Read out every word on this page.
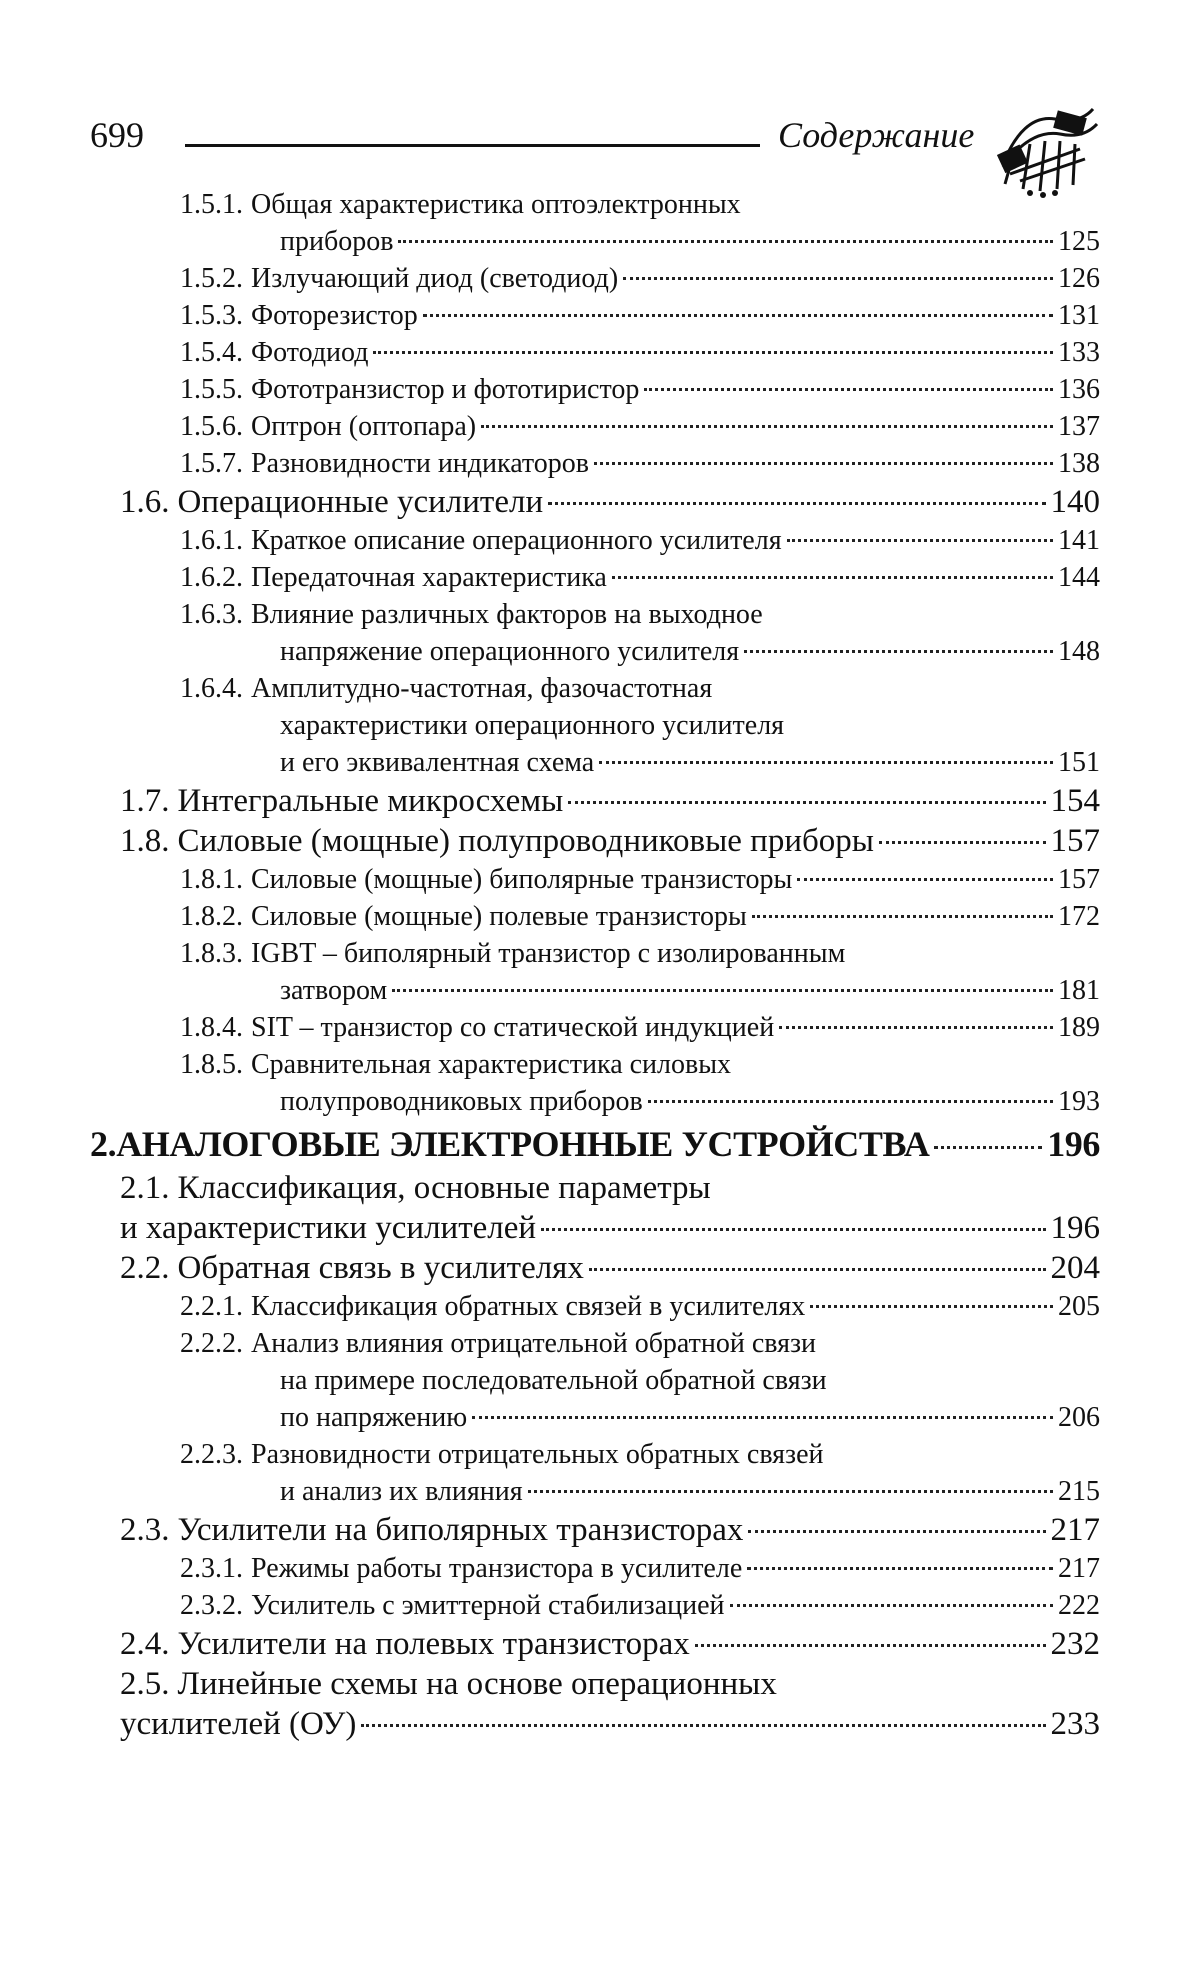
699	Содержание
1.5.1. Общая характеристика оптоэлектронных
приборов	125
1.5.2. Излучающий диод (светодиод)	126
1.5.3. Фоторезистор	131
1.5.4. Фотодиод	133
1.5.5. Фототранзистор и фототиристор	136
1.5.6. Оптрон (оптопара)	137
1.5.7. Разновидности индикаторов	138
1.6. Операционные усилители	140
1.6.1. Краткое описание операционного усилителя	141
1.6.2. Передаточная характеристика	144
1.6.3. Влияние различных факторов на выходное
напряжение операционного усилителя	148
1.6.4. Амплитудно-частотная, фазочастотная
характеристики операционного усилителя
и его эквивалентная схема	151
1.7. Интегральные микросхемы	154
1.8. Силовые (мощные) полупроводниковые приборы	157
1.8.1. Силовые (мощные) биполярные транзисторы	157
1.8.2. Силовые (мощные) полевые транзисторы	172
1.8.3. IGBT – биполярный транзистор с изолированным
затвором	181
1.8.4. SIT – транзистор со статической индукцией	189
1.8.5. Сравнительная характеристика силовых
полупроводниковых приборов	193
2. АНАЛОГОВЫЕ ЭЛЕКТРОННЫЕ УСТРОЙСТВА	196
2.1. Классификация, основные параметры
и характеристики усилителей	196
2.2. Обратная связь в усилителях	204
2.2.1. Классификация обратных связей в усилителях	205
2.2.2. Анализ влияния отрицательной обратной связи
на примере последовательной обратной связи
по напряжению	206
2.2.3. Разновидности отрицательных обратных связей
и анализ их влияния	215
2.3. Усилители на биполярных транзисторах	217
2.3.1. Режимы работы транзистора в усилителе	217
2.3.2. Усилитель с эмиттерной стабилизацией	222
2.4. Усилители на полевых транзисторах	232
2.5. Линейные схемы на основе операционных
усилителей (ОУ)	233
